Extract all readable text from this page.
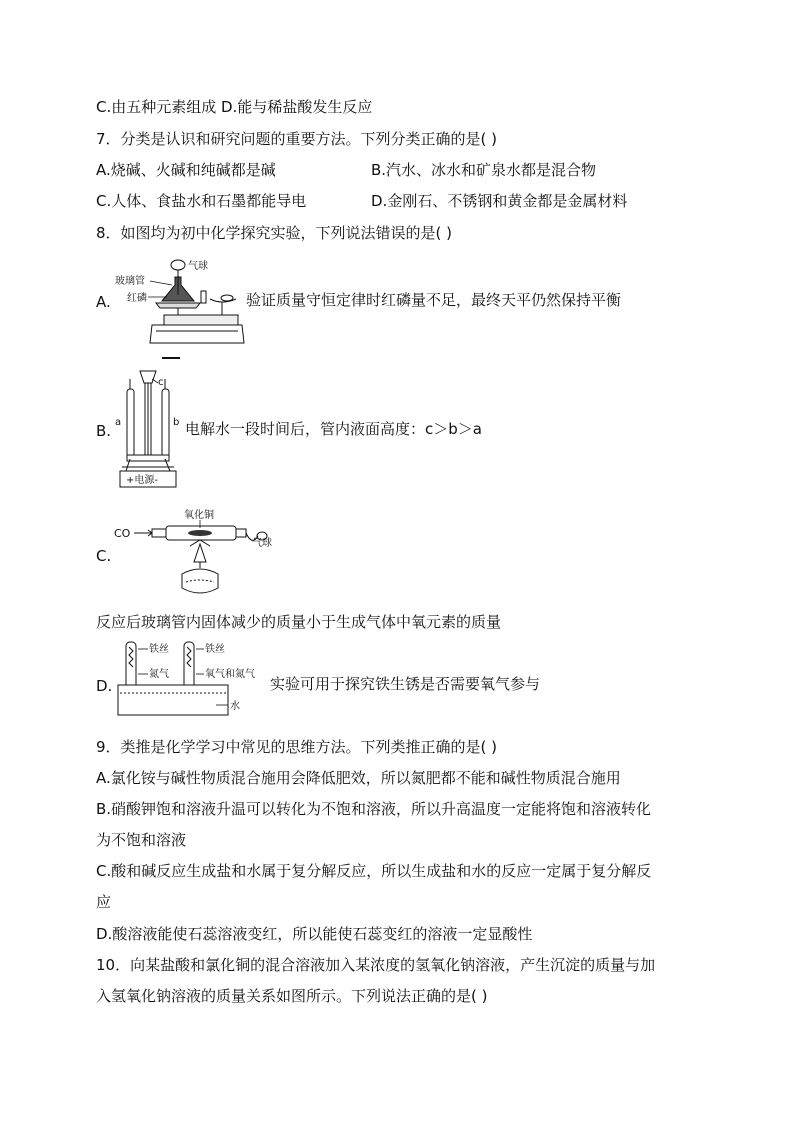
C.由五种元素组成 D.能与稀盐酸发生反应
7．分类是认识和研究问题的重要方法。下列分类正确的是( )
A.烧碱、火碱和纯碱都是碱	B.汽水、冰水和矿泉水都是混合物
C.人体、食盐水和石墨都能导电	D.金刚石、不锈钢和黄金都是金属材料
8．如图均为初中化学探究实验，下列说法错误的是( )
A.
玻璃管
红磷
气球
验证质量守恒定律时红磷量不足，最终天平仍然保持平衡
B.
c
a	b
+电源-
电解水一段时间后，管内液面高度：c＞b＞a
C.
CO
氧化铜
气球
反应后玻璃管内固体减少的质量小于生成气体中氧元素的质量
D.
铁丝
氮气
铁丝
氧气和氮气
水
实验可用于探究铁生锈是否需要氧气参与
9．类推是化学学习中常见的思维方法。下列类推正确的是( )
A.氯化铵与碱性物质混合施用会降低肥效，所以氮肥都不能和碱性物质混合施用
B.硝酸钾饱和溶液升温可以转化为不饱和溶液，所以升高温度一定能将饱和溶液转化
为不饱和溶液
C.酸和碱反应生成盐和水属于复分解反应，所以生成盐和水的反应一定属于复分解反
应
D.酸溶液能使石蕊溶液变红，所以能使石蕊变红的溶液一定显酸性
10．向某盐酸和氯化铜的混合溶液加入某浓度的氢氧化钠溶液，产生沉淀的质量与加
入氢氧化钠溶液的质量关系如图所示。下列说法正确的是( )
